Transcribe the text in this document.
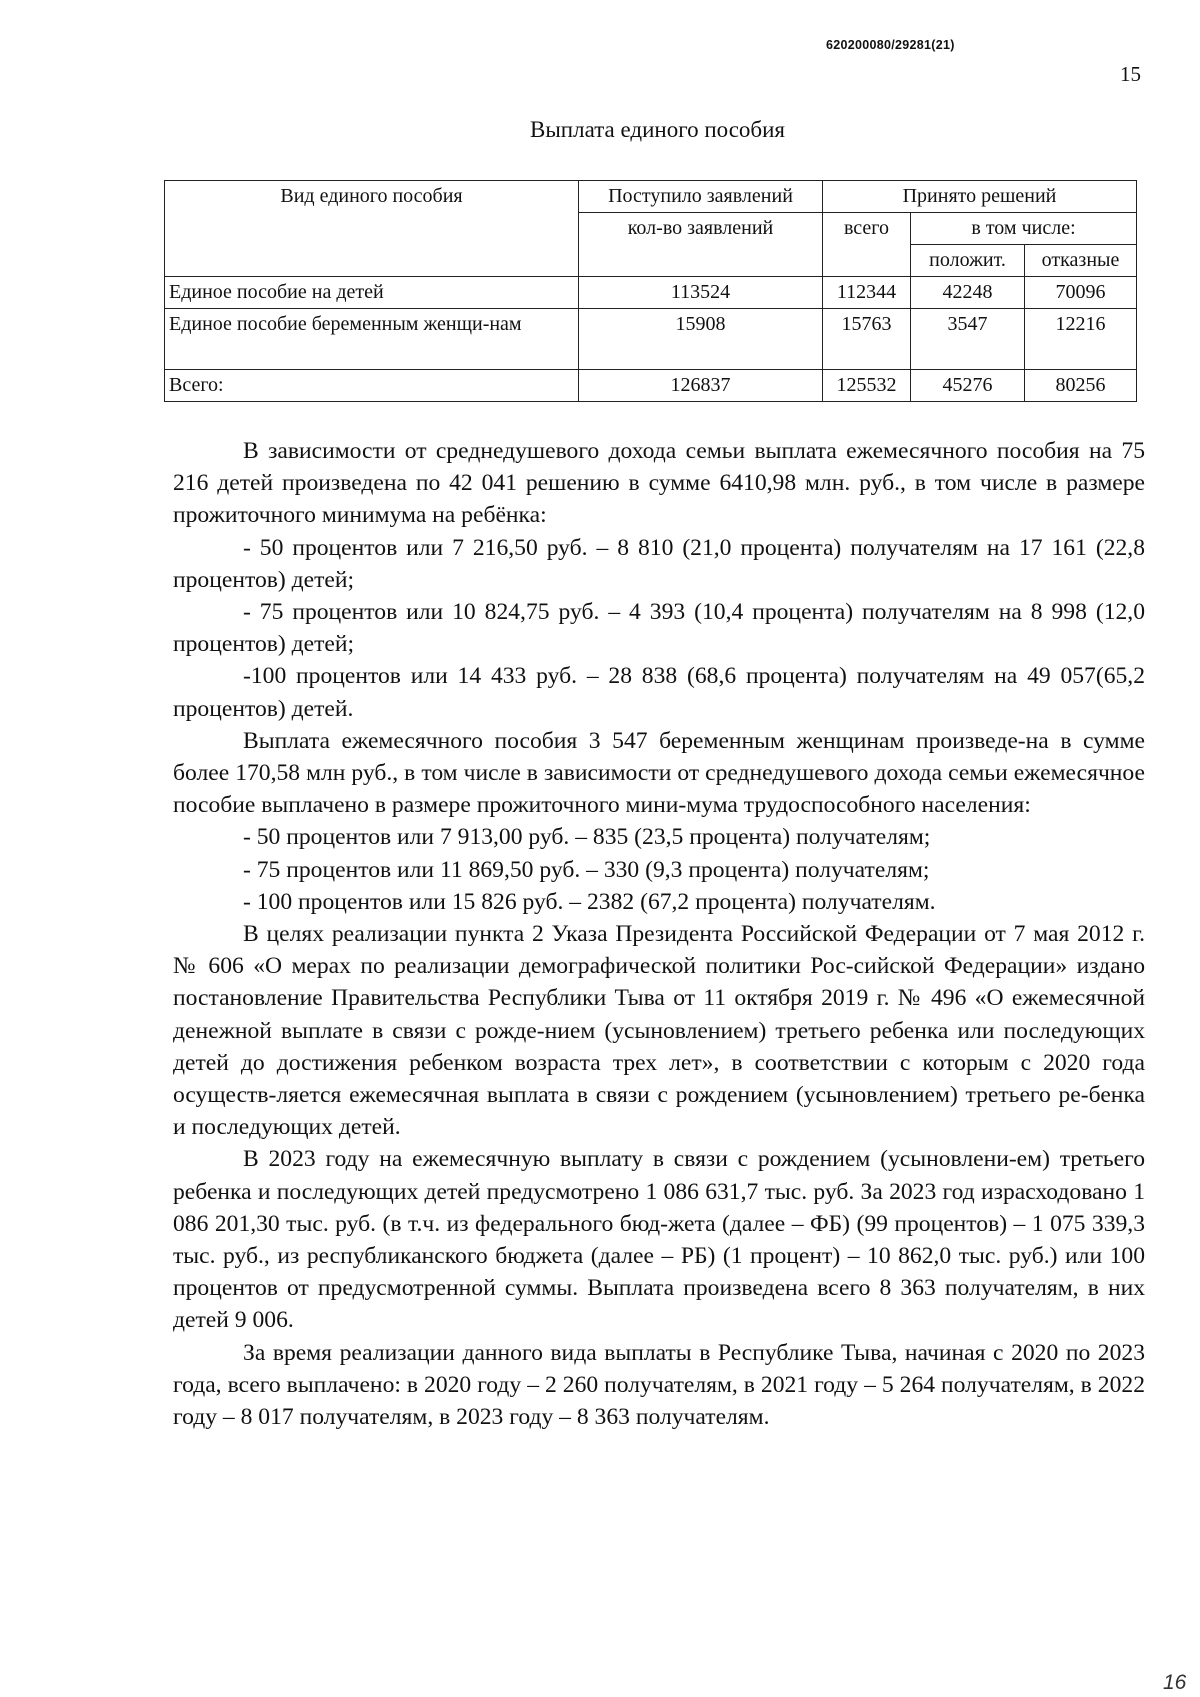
620200080/29281(21)
15
Выплата единого пособия
Вид единого пособия	Поступило заявлений	Принято решений		
	кол-во заявлений	всего	в том числе:	
			положит.	отказные
Единое пособие на детей	113524	112344	42248	70096
Единое пособие беременным женщи-нам	15908	15763	3547	12216
Всего:	126837	125532	45276	80256

В зависимости от среднедушевого дохода семьи выплата ежемесячного пособия на 75 216 детей произведена по 42 041 решению в сумме 6410,98 млн. руб., в том числе в размере прожиточного минимума на ребёнка:

- 50 процентов или 7 216,50 руб. – 8 810 (21,0 процента) получателям на 17 161 (22,8 процентов) детей;

- 75 процентов или 10 824,75 руб. – 4 393 (10,4 процента) получателям на 8 998 (12,0 процентов) детей;

-100 процентов или 14 433 руб. – 28 838 (68,6 процента) получателям на 49 057(65,2 процентов) детей.

Выплата ежемесячного пособия 3 547 беременным женщинам произведе-на в сумме более 170,58 млн руб., в том числе в зависимости от среднедушевого дохода семьи ежемесячное пособие выплачено в размере прожиточного мини-мума трудоспособного населения:

- 50 процентов или 7 913,00 руб. – 835 (23,5 процента) получателям;

- 75 процентов или 11 869,50 руб. – 330 (9,3 процента) получателям;

- 100 процентов или 15 826 руб. – 2382 (67,2 процента) получателям.

В целях реализации пункта 2 Указа Президента Российской Федерации от 7 мая 2012 г. № 606 «О мерах по реализации демографической политики Рос-сийской Федерации» издано постановление Правительства Республики Тыва от 11 октября 2019 г. № 496 «О ежемесячной денежной выплате в связи с рожде-нием (усыновлением) третьего ребенка или последующих детей до достижения ребенком возраста трех лет», в соответствии с которым с 2020 года осуществ-ляется ежемесячная выплата в связи с рождением (усыновлением) третьего ре-бенка и последующих детей.

В 2023 году на ежемесячную выплату в связи с рождением (усыновлени-ем) третьего ребенка и последующих детей предусмотрено 1 086 631,7 тыс. руб. За 2023 год израсходовано 1 086 201,30 тыс. руб. (в т.ч. из федерального бюд-жета (далее – ФБ) (99 процентов) – 1 075 339,3 тыс. руб., из республиканского бюджета (далее – РБ) (1 процент) – 10 862,0 тыс. руб.) или 100 процентов от предусмотренной суммы. Выплата произведена всего 8 363 получателям, в них детей 9 006.

За время реализации данного вида выплаты в Республике Тыва, начиная с 2020 по 2023 года, всего выплачено: в 2020 году – 2 260 получателям, в 2021 году – 5 264 получателям, в 2022 году – 8 017 получателям, в 2023 году – 8 363 получателям.

16
